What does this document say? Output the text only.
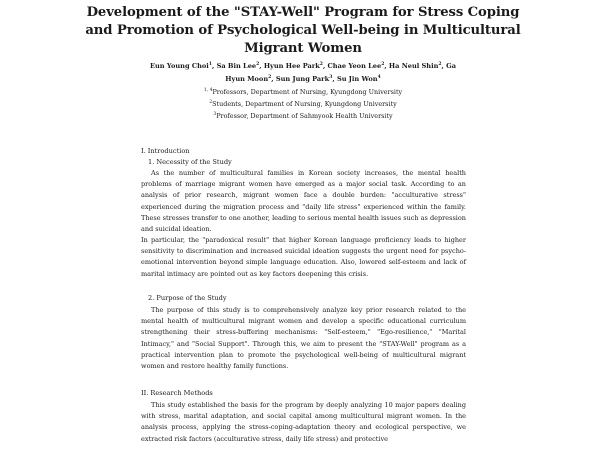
Development of the "STAY-Well" Program for Stress Coping
and Promotion of Psychological Well-being in Multicultural
Migrant Women
Eun Young Choi$^1$, Sa Bin Lee$^2$, Hyun Hee Park$^2$, Chae Yeon Lee$^2$, Ha Neul Shin$^2$, Ga
Hyun Moon$^2$, Sun Jung Park$^3$, Su Jin Won$^4$
$^{1, 4}$Professors, Department of Nursing, Kyungdong University
$^2$Students, Department of Nursing, Kyungdong University
$^3$Professor, Department of Sahmyook Health University
I. Introduction
1. Necessity of the Study

As the number of multicultural families in Korean society increases, the mental health problems of marriage migrant women have emerged as a major social task. According to an analysis of prior research, migrant women face a double burden: "acculturative stress" experienced during the migration process and "daily life stress" experienced within the family. These stresses transfer to one another, leading to serious mental health issues such as depression and suicidal ideation.

In particular, the "paradoxical result" that higher Korean language proficiency leads to higher sensitivity to discrimination and increased suicidal ideation suggests the urgent need for psycho-emotional intervention beyond simple language education. Also, lowered self-esteem and lack of marital intimacy are pointed out as key factors deepening this crisis.

2. Purpose of the Study

The purpose of this study is to comprehensively analyze key prior research related to the mental health of multicultural migrant women and develop a specific educational curriculum strengthening their stress-buffering mechanisms: "Self-esteem," "Ego-resilience," "Marital Intimacy," and "Social Support". Through this, we aim to present the "STAY-Well" program as a practical intervention plan to promote the psychological well-being of multicultural migrant women and restore healthy family functions.

II. Research Methods

This study established the basis for the program by deeply analyzing 10 major papers dealing with stress, marital adaptation, and social capital among multicultural migrant women. In the analysis process, applying the stress-coping-adaptation theory and ecological perspective, we extracted risk factors (acculturative stress, daily life stress) and protective
